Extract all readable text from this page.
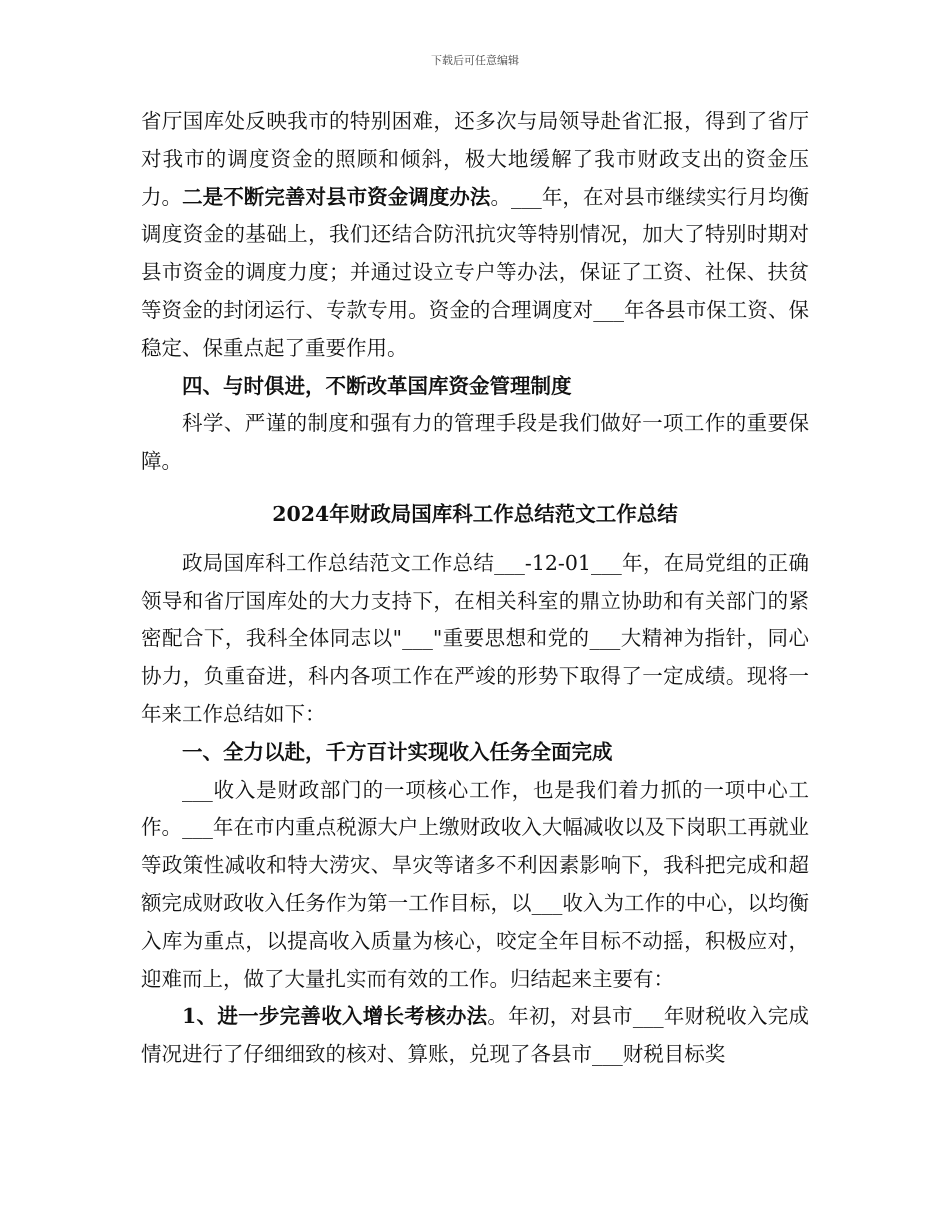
下载后可任意编辑

省厅国库处反映我市的特别困难，还多次与局领导赴省汇报，得到了省厅对我市的调度资金的照顾和倾斜，极大地缓解了我市财政支出的资金压力。二是不断完善对县市资金调度办法。___年，在对县市继续实行月均衡调度资金的基础上，我们还结合防汛抗灾等特别情况，加大了特别时期对县市资金的调度力度；并通过设立专户等办法，保证了工资、社保、扶贫等资金的封闭运行、专款专用。资金的合理调度对___年各县市保工资、保稳定、保重点起了重要作用。

四、与时俱进，不断改革国库资金管理制度

科学、严谨的制度和强有力的管理手段是我们做好一项工作的重要保障。

2024年财政局国库科工作总结范文工作总结

政局国库科工作总结范文工作总结___-12-01___年，在局党组的正确领导和省厅国库处的大力支持下，在相关科室的鼎立协助和有关部门的紧密配合下，我科全体同志以"___"重要思想和党的___大精神为指针，同心协力，负重奋进，科内各项工作在严竣的形势下取得了一定成绩。现将一年来工作总结如下：

一、全力以赴，千方百计实现收入任务全面完成

___收入是财政部门的一项核心工作，也是我们着力抓的一项中心工作。___年在市内重点税源大户上缴财政收入大幅减收以及下岗职工再就业等政策性减收和特大涝灾、旱灾等诸多不利因素影响下，我科把完成和超额完成财政收入任务作为第一工作目标，以___收入为工作的中心，以均衡入库为重点，以提高收入质量为核心，咬定全年目标不动摇，积极应对，迎难而上，做了大量扎实而有效的工作。归结起来主要有：

1、进一步完善收入增长考核办法。年初，对县市___年财税收入完成情况进行了仔细细致的核对、算账，兑现了各县市___财税目标奖
